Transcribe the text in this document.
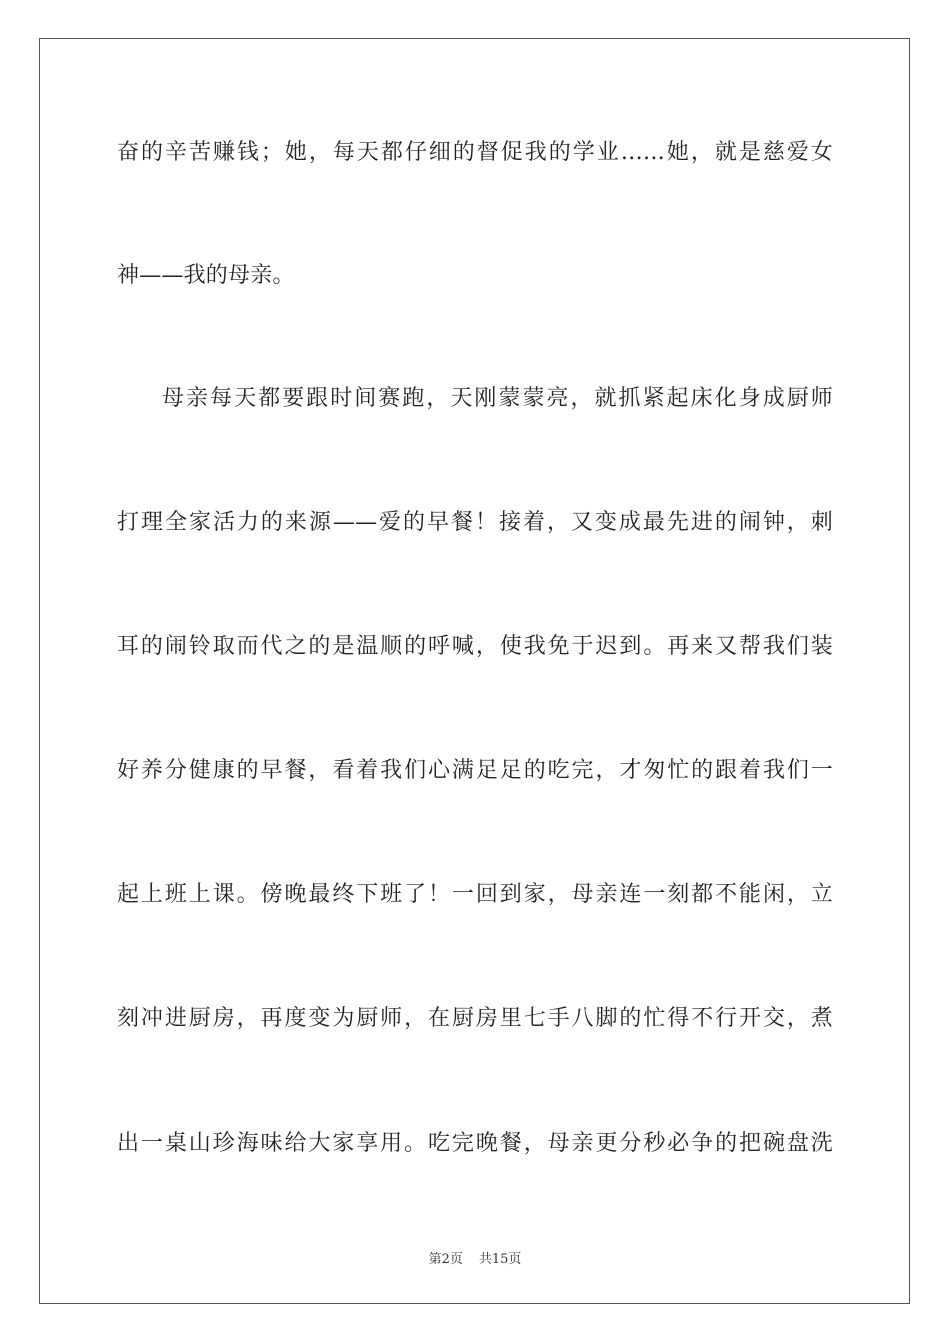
奋的辛苦赚钱；她，每天都仔细的督促我的学业……她，就是慈爱女
神——我的母亲。
母亲每天都要跟时间赛跑，天刚蒙蒙亮，就抓紧起床化身成厨师
打理全家活力的来源——爱的早餐！接着，又变成最先进的闹钟，刺
耳的闹铃取而代之的是温顺的呼喊，使我免于迟到。再来又帮我们装
好养分健康的早餐，看着我们心满足足的吃完，才匆忙的跟着我们一
起上班上课。傍晚最终下班了！一回到家，母亲连一刻都不能闲，立
刻冲进厨房，再度变为厨师，在厨房里七手八脚的忙得不行开交，煮
出一桌山珍海味给大家享用。吃完晚餐，母亲更分秒必争的把碗盘洗
第2页 共15页
